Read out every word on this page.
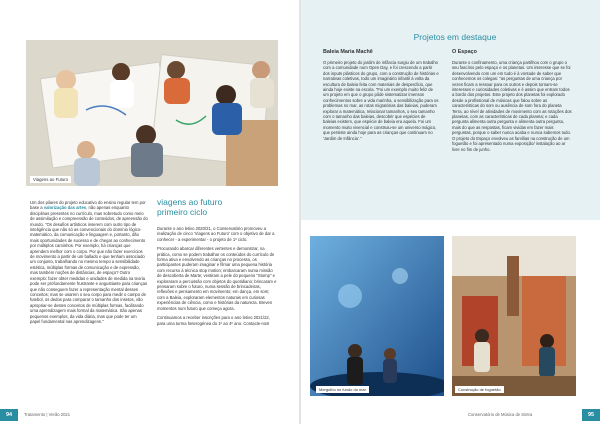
Viagens ao Futuro

Um dos pilares do projeto educativo do ensino regular tem por base a valorização das artes, não apenas enquanto disciplinas presentes no currículo, mas sobretudo como meio de assimilação e compreensão de conteúdos, de apreensão do mundo. "Os desafios artísticos inserem com outro tipo de inteligência que não só as convencionais do domínio lógico-matemático, da comunicação e linguagem e, portanto, dão mais oportunidades de sucesso e de chegar ao conhecimento por múltiplos caminhos. Por exemplo, há crianças que aprendem melhor com o corpo. Por que não fazer exercícios de movimento a partir de um ballado e que tenham associado um conjunto, trabalhando no mesmo tempo a sensibilidade estética, múltiplas formas de comunicação e de expressão, mas também noções de distâncias, de espaço? Outro exemplo: fazer obter medidas e unidades de medida na teoria pode ser profundamente frustrante e angustiante para crianças que não conseguem fazer a representação mental desses conceitos; mas se usarem o seu corpo para medir o campo de futebol, os dedos para comparar o tamanho dos insetos, vão apropriar-se destes conceitos de múltiplas formas, facilitando uma aprendizagem mais formal da matemática. São apenas pequenos exemplos, da vida diária, mas que pode ter um papel fundamental nas aprendizagens."

viagens ao futuro
primeiro ciclo

Durante o ano letivo 2020/21, o Conservatório promoveu a realização de cinco 'Viagens ao Futuro' com o objetivo de dar a conhecer - a experimentar - o projeto de 1º ciclo.

Procurando abarcar diferentes vertentes e demonstrar, na prática, como se podem trabalhar os conteúdos do currículo de forma ativa e envolvendo as crianças no processo, os participantes puderam imaginar e filmar uma pequena história com recurso à técnica stop motion; embarcaram numa missão de descoberta de Marte; vestiram a pele do pequeno "Stomp" e exploraram a percussão com objetos do quotidiano; brincaram e pensaram sobre o futuro, numa sessão de brincadeiras, reflexões e pensamento em movimento; em dança, em som; com a Baleia, exploraram elementos naturais em curiosas experiências de ciência, como e histórias da natureza. Breves momentos num futuro que começa agora.

Continuamos a receber inscrições para o ano letivo 2021/22, para uma turma heterogénea do 1º ao 4º ano. Contacte-nos!

Projetos em destaque
Baleia Maria Machê

O primeiro projeto do jardim de infância surgiu de um trabalho com a comunidade num Open Day, e foi crescendo a partir dos inputs plásticos do grupo, com a construção de histórias e narrativas coletivas, todo um imaginário infantil à volta da escultura de baleia feita com materiais de desperdício, que ainda hoje existe na escola. "Foi um exemplo muito feliz de um projeto em que o grupo pôde sistematizar imensos conhecimentos sobre a vida marinha, a sensibilização para os problemas no mar, as rotas migratórias das baleias, puderam explorar a matemática, relacionar tamanhos, o seu tamanho com o tamanho das baleias, descobrir que espécies de baleias existem, que espécie de baleia era aquela. Foi um momento muito vivencial e construiu-se um universo mágico, que persiste ainda hoje para as crianças que continuam no 'Jardim de Infância'."

O Espaço

Durante o confinamento, uma criança partilhou com o grupo o seu fascínio pelo espaço e os planetas. Um interesse que se foi desenvolvendo com um em tudo é à vontade de saber que conhecemos os colegas: "as perguntas de uma criança por vezes ficam a ressoar para os outros e depois tornam-se interesses e curiosidades coletivas e é assim que entram todos a bordo dos projetos. Este projeto dos planetas foi explorado desde a profissional de músicas que falou sobre as características do som ou ausência de som fora do planeta Terra, ao nível de atividades de movimento com as rotações dos planetas, com as características de cada planeta; e cada pergunta alimenta outra pergunta e alimenta outra pergunta, mais do que as respostas, ficam vividas em fazer mais perguntas, porque o saber nunca acaba e nunca sabemos tudo. O projeto do Espaço envolveu as famílias na construção de um foguetão e foi apresentado numa exposição/ instalação ao ar livre no fim de junho.

Mergulho no fundo do mar	Construção de foguetão
94	Tratamento | Verão 2021	95
Conservatório de Música de Sintra
